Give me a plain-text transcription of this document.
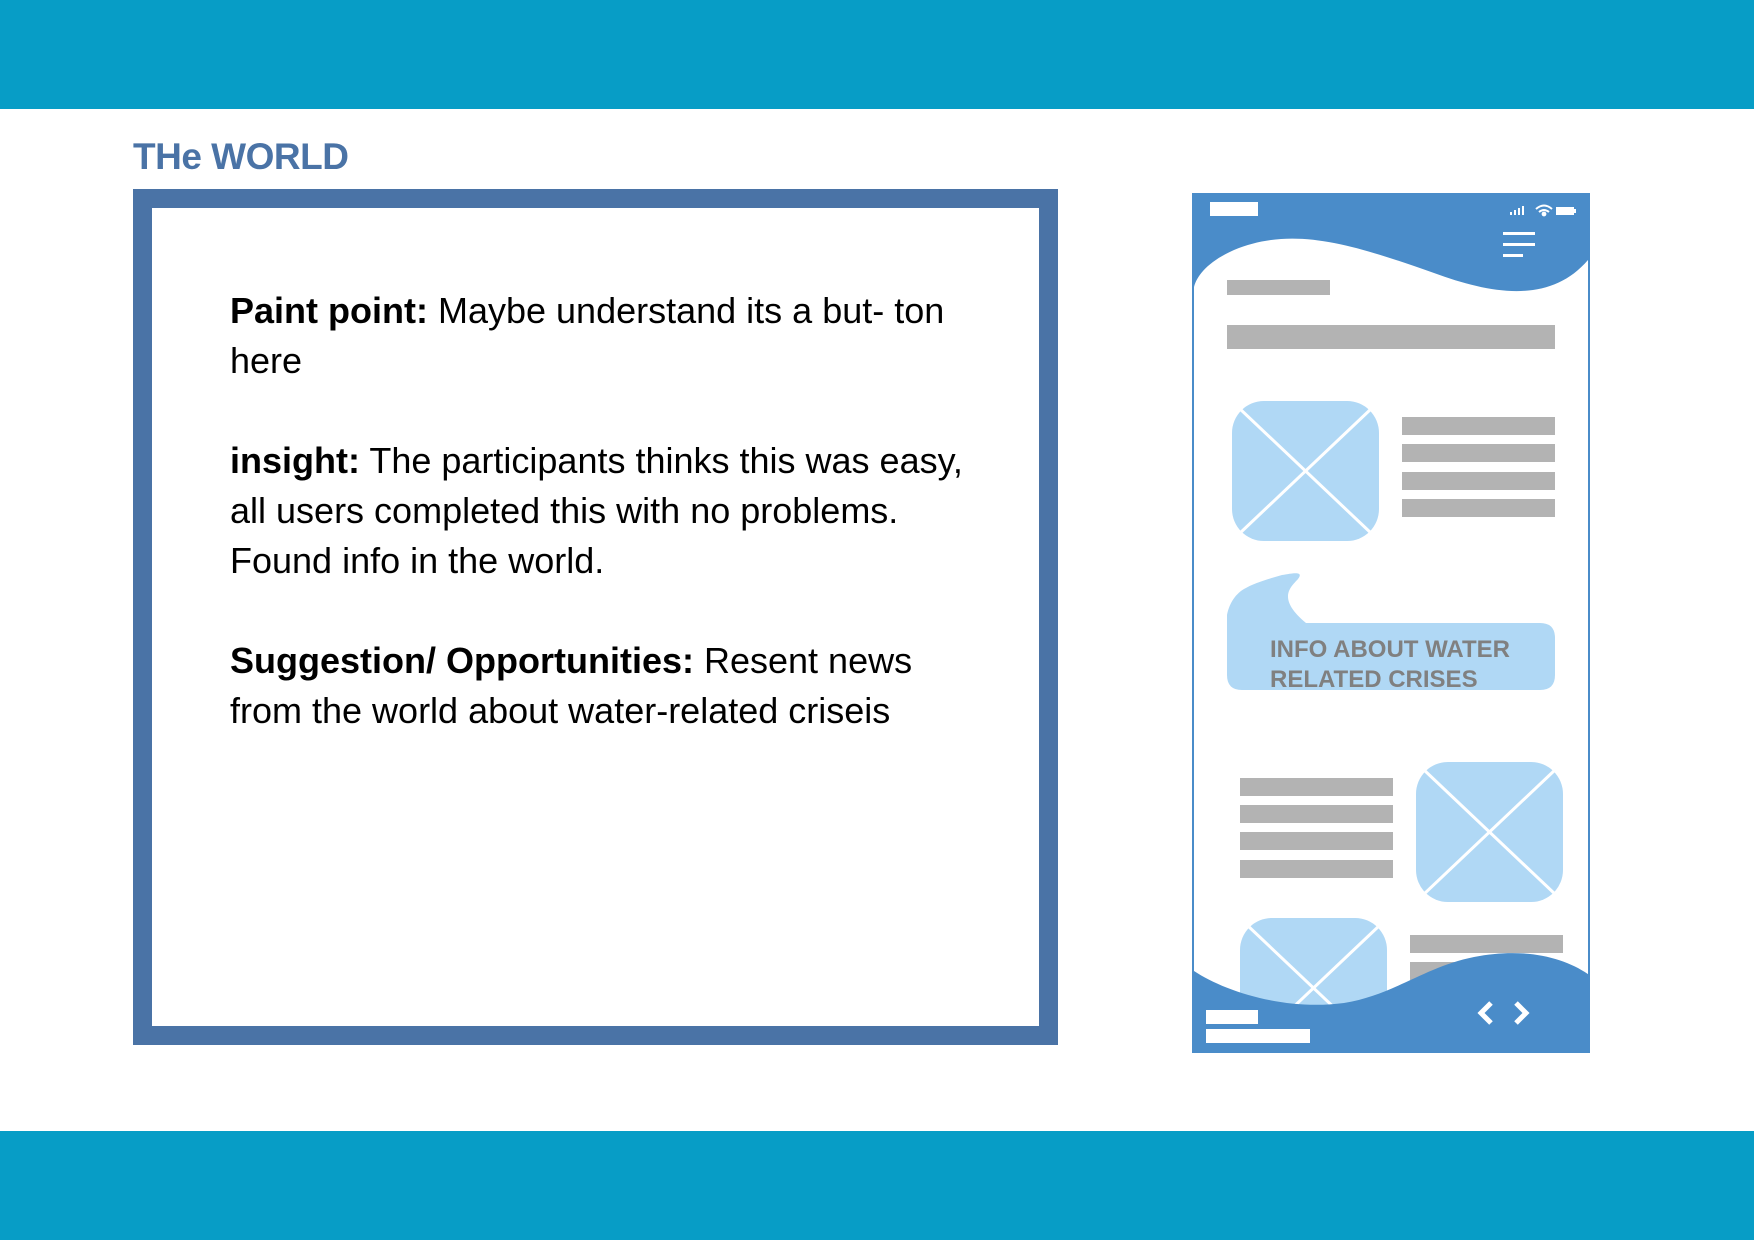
THe WORLD

Paint point: Maybe understand its a but- ton here

insight: The participants thinks this was easy, all users completed this with no problems. Found info in the world.

Suggestion/ Opportunities: Resent news from the world about water-related criseis

INFO ABOUT WATER
RELATED CRISES
